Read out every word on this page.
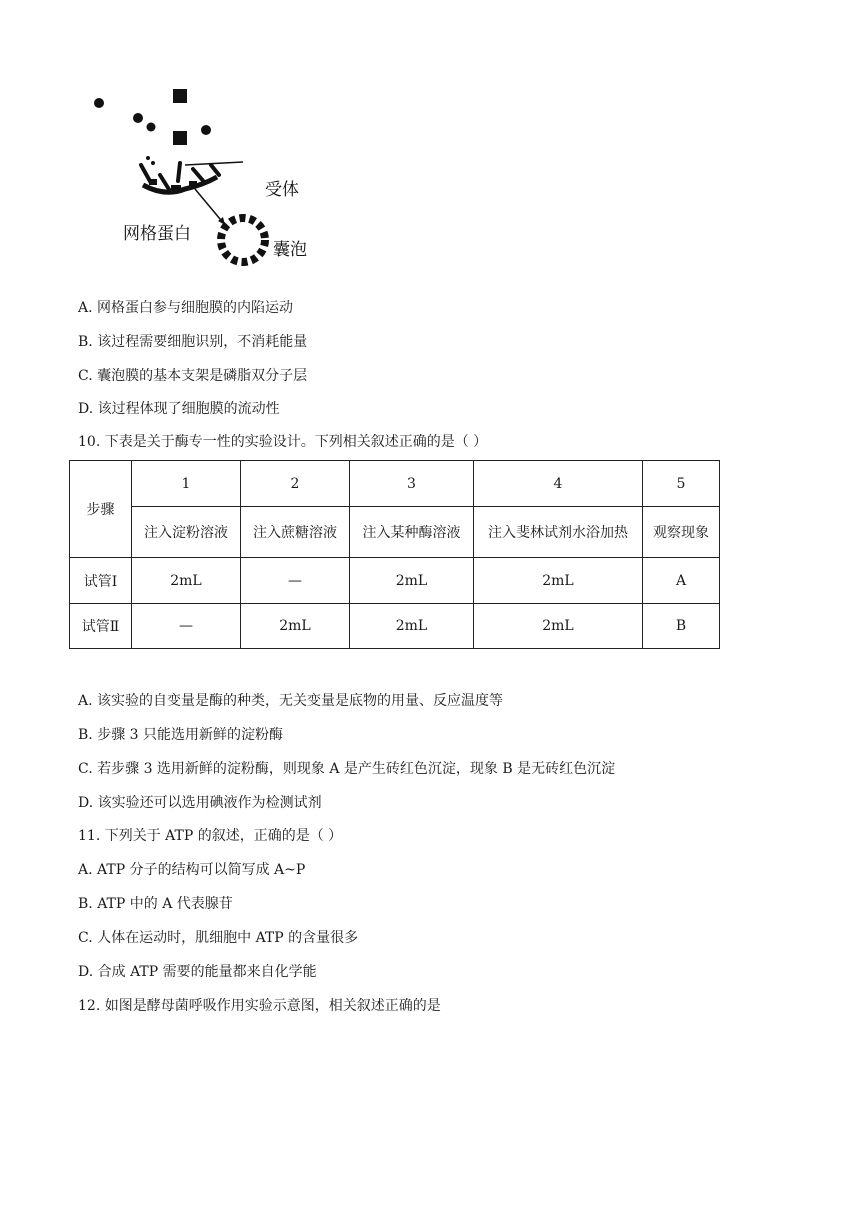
受体
网格蛋白
囊泡
A. 网格蛋白参与细胞膜的内陷运动
B. 该过程需要细胞识别，不消耗能量
C. 囊泡膜的基本支架是磷脂双分子层
D. 该过程体现了细胞膜的流动性
10. 下表是关于酶专一性的实验设计。下列相关叙述正确的是（ ）
步骤	1	2	3	4	5
	注入淀粉溶液	注入蔗糖溶液	注入某种酶溶液	注入斐林试剂水浴加热	观察现象
试管Ⅰ	2mL	—	2mL	2mL	A
试管Ⅱ	—	2mL	2mL	2mL	B
A. 该实验的自变量是酶的种类，无关变量是底物的用量、反应温度等
B. 步骤 3 只能选用新鲜的淀粉酶
C. 若步骤 3 选用新鲜的淀粉酶，则现象 A 是产生砖红色沉淀，现象 B 是无砖红色沉淀
D. 该实验还可以选用碘液作为检测试剂
11. 下列关于 ATP 的叙述，正确的是（ ）
A. ATP 分子的结构可以简写成 A~P
B. ATP 中的 A 代表腺苷
C. 人体在运动时，肌细胞中 ATP 的含量很多
D. 合成 ATP 需要的能量都来自化学能
12. 如图是酵母菌呼吸作用实验示意图，相关叙述正确的是
